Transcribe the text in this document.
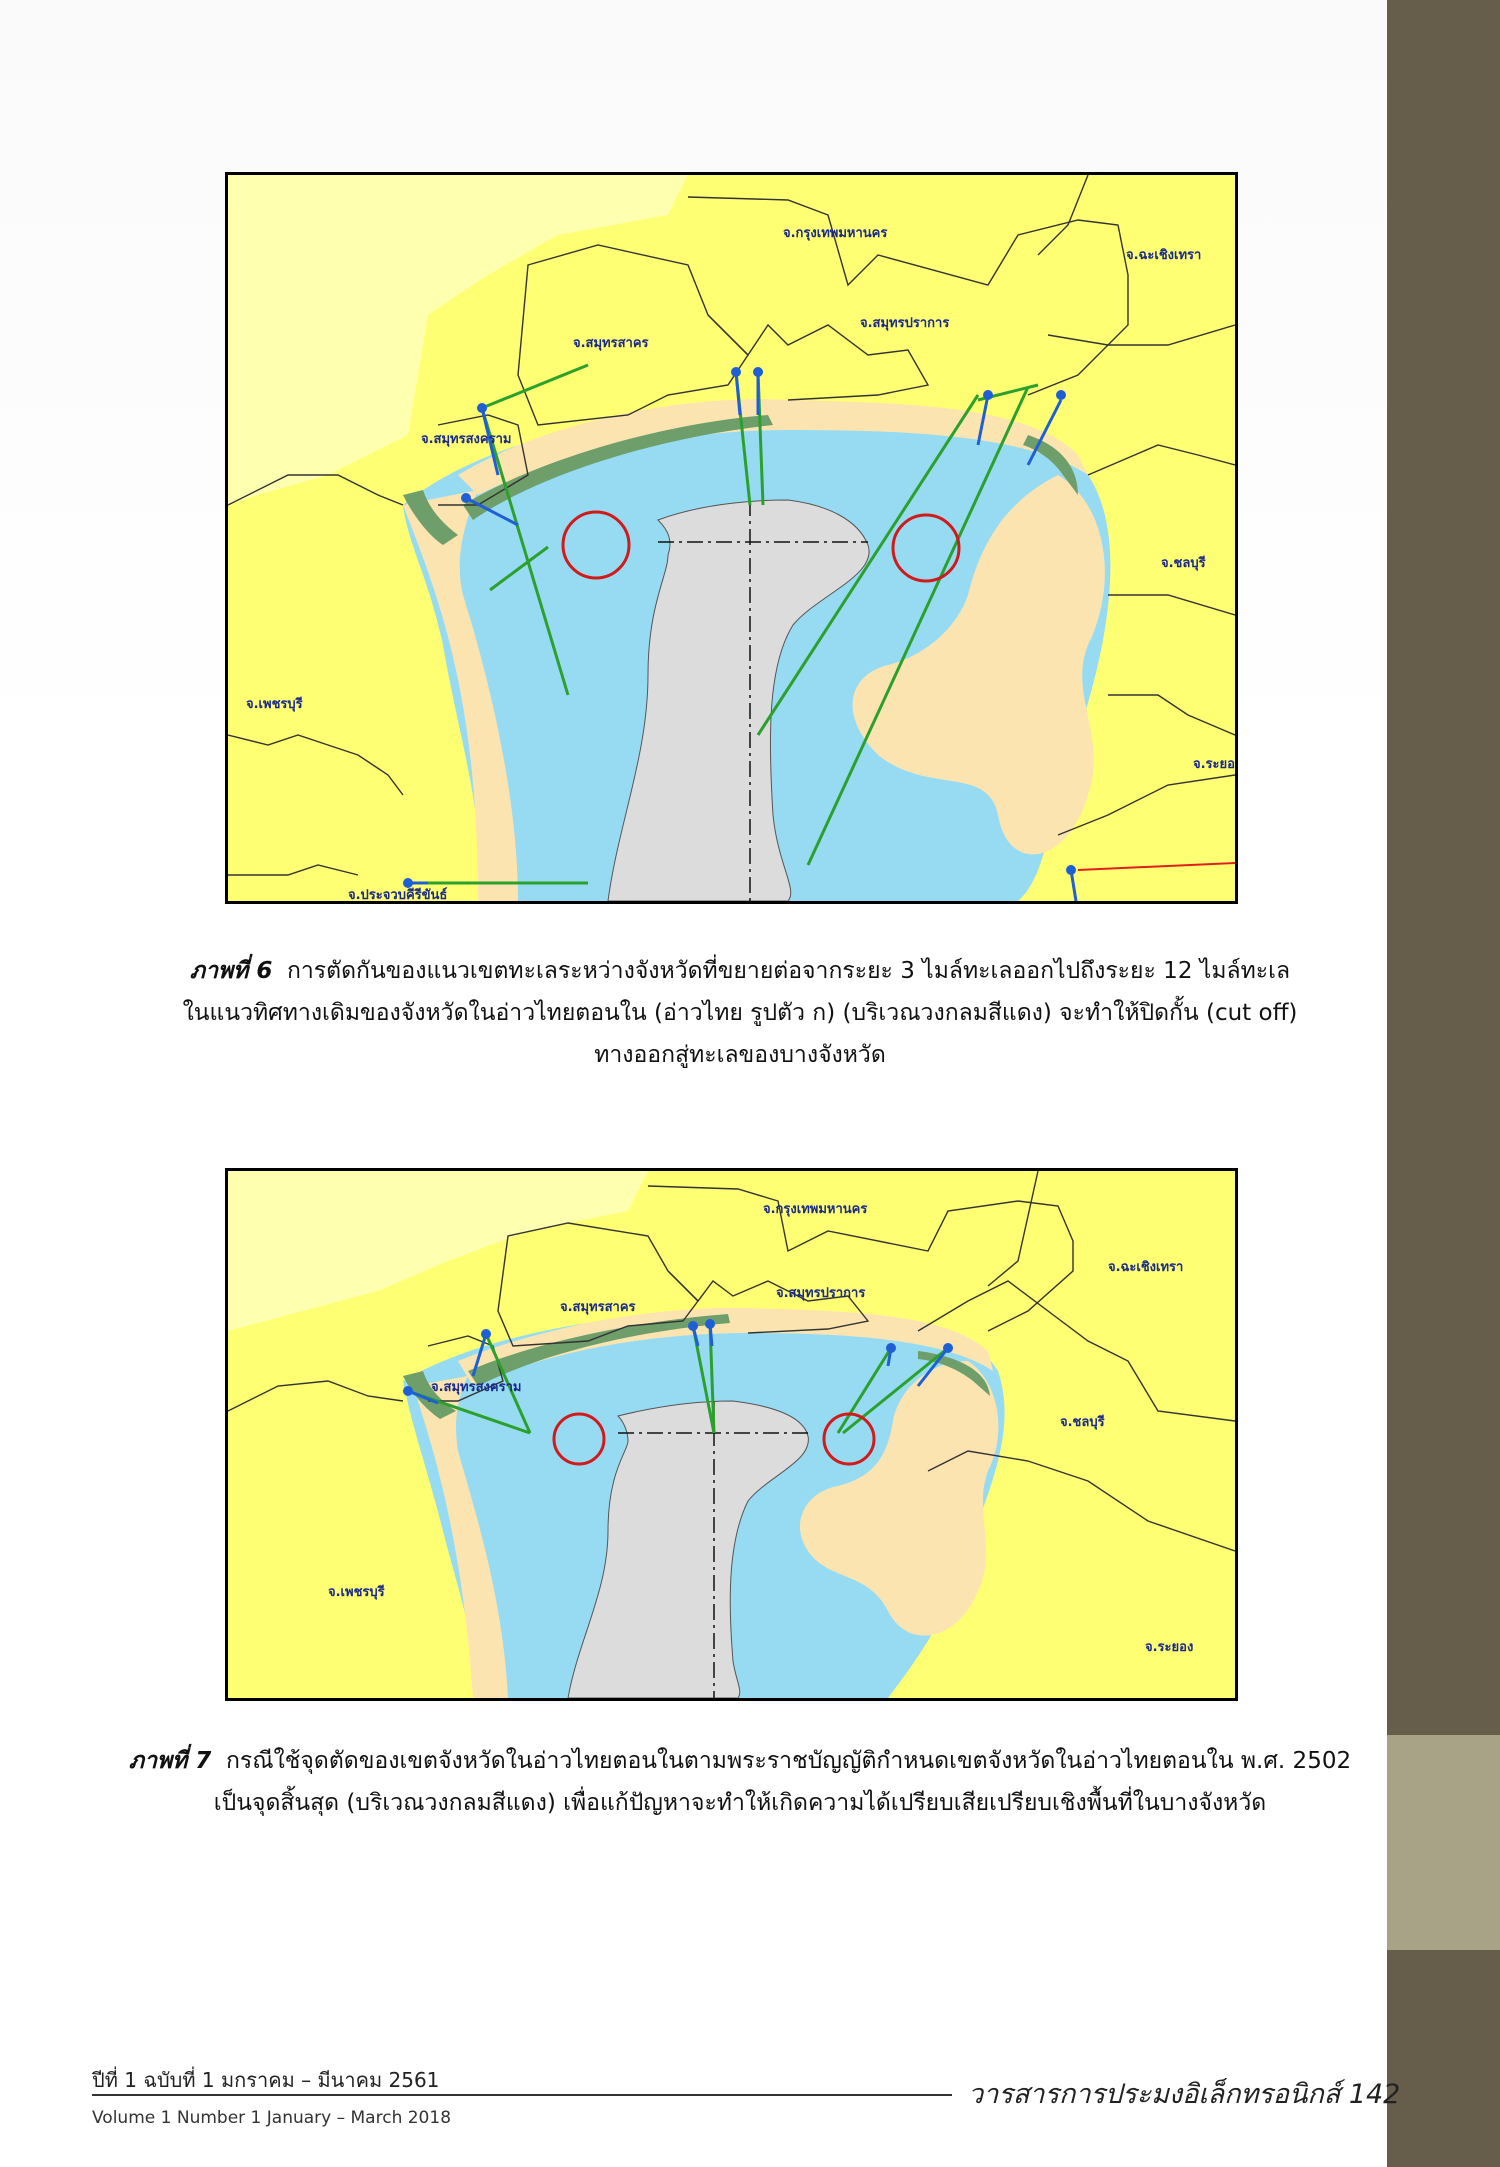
จ.กรุงเทพมหานคร
จ.ฉะเชิงเทรา
จ.สมุทรสาคร
จ.สมุทรปราการ
จ.สมุทรสงคราม
จ.ชลบุรี
จ.เพชรบุรี
จ.ระยอ
จ.ประจวบคีรีขันธ์
ภาพที่ 6 การตัดกันของแนวเขตทะเลระหว่างจังหวัดที่ขยายต่อจากระยะ 3 ไมล์ทะเลออกไปถึงระยะ 12 ไมล์ทะเล
ในแนวทิศทางเดิมของจังหวัดในอ่าวไทยตอนใน (อ่าวไทย รูปตัว ก) (บริเวณวงกลมสีแดง) จะทำให้ปิดกั้น (cut off)
ทางออกสู่ทะเลของบางจังหวัด
จ.กรุงเทพมหานคร
จ.ฉะเชิงเทรา
จ.สมุทรสาคร
จ.สมุทรปราการ
จ.สมุทรสงคราม
จ.ชลบุรี
จ.เพชรบุรี
จ.ระยอง
ภาพที่ 7 กรณีใช้จุดตัดของเขตจังหวัดในอ่าวไทยตอนในตามพระราชบัญญัติกำหนดเขตจังหวัดในอ่าวไทยตอนใน พ.ศ. 2502
เป็นจุดสิ้นสุด (บริเวณวงกลมสีแดง) เพื่อแก้ปัญหาจะทำให้เกิดความได้เปรียบเสียเปรียบเชิงพื้นที่ในบางจังหวัด
ปีที่ 1 ฉบับที่ 1 มกราคม – มีนาคม 2561
Volume 1 Number 1 January – March 2018
วารสารการประมงอิเล็กทรอนิกส์ 142
